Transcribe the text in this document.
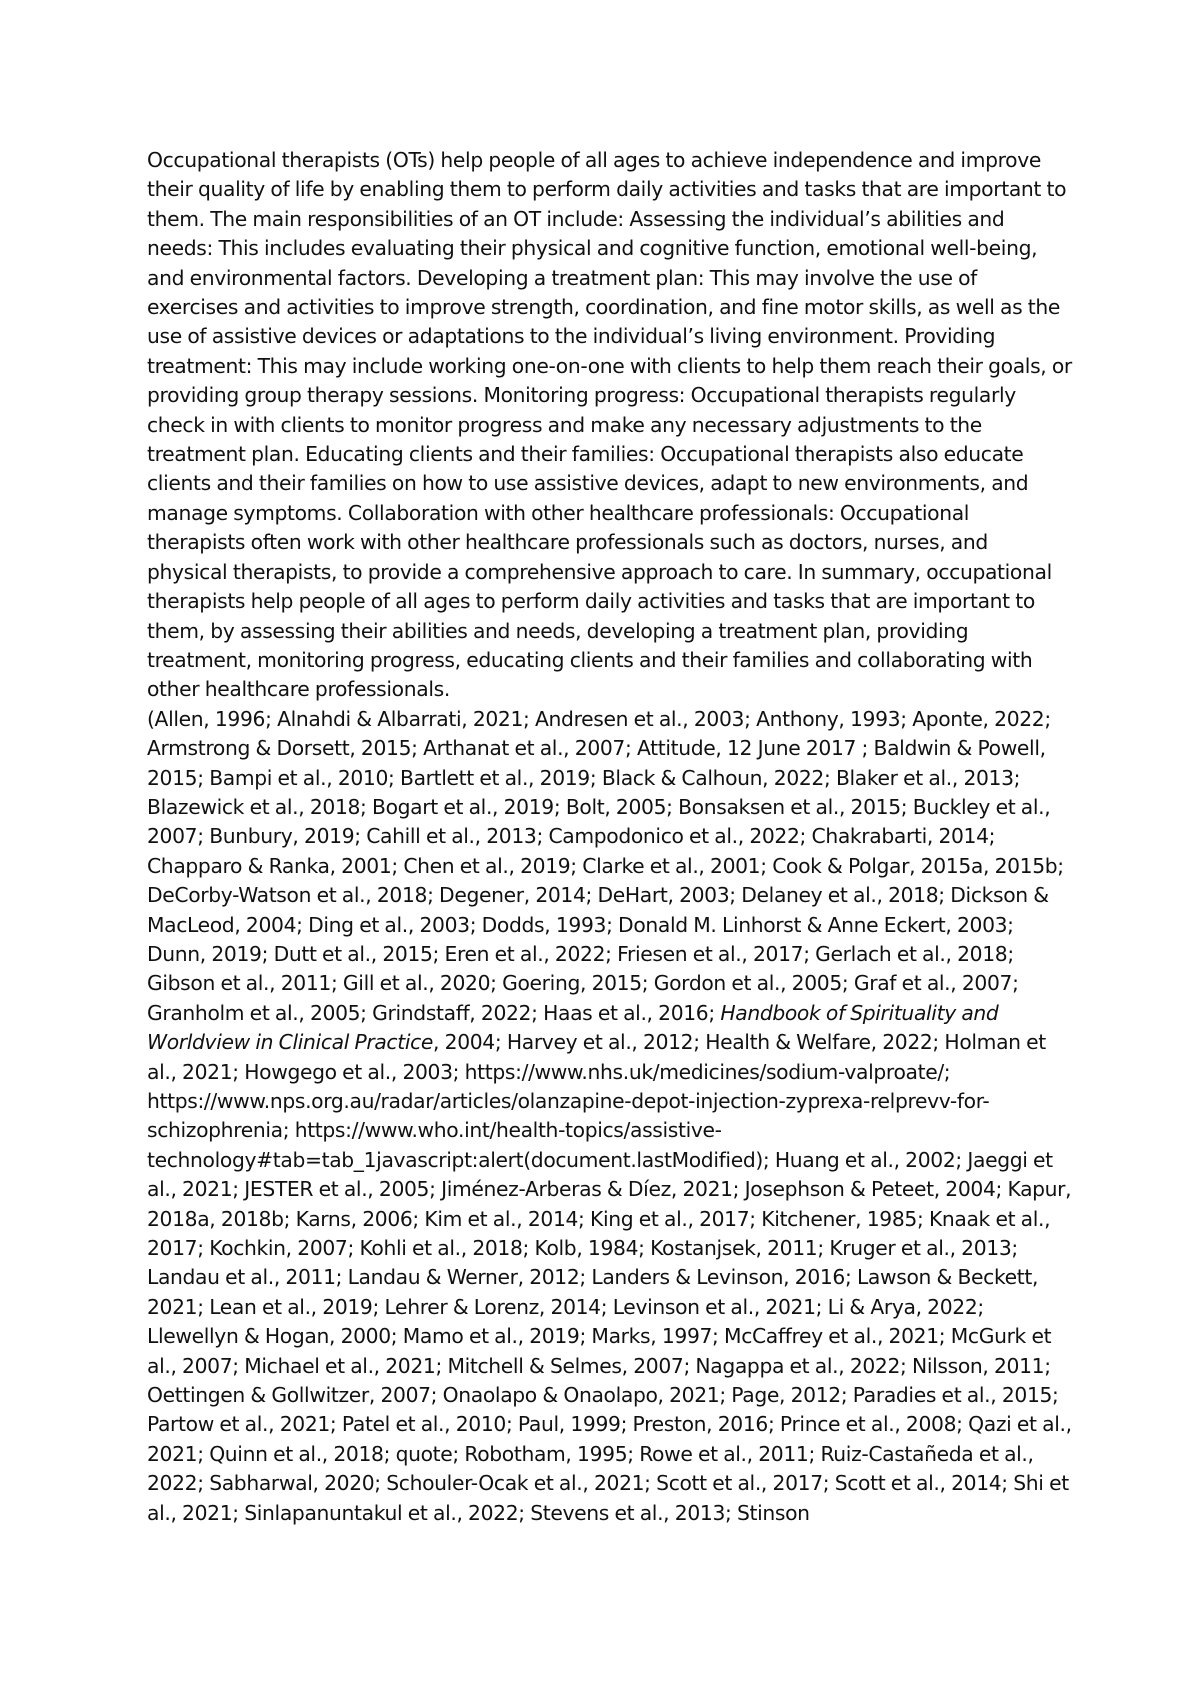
Occupational therapists (OTs) help people of all ages to achieve independence and improve their quality of life by enabling them to perform daily activities and tasks that are important to them. The main responsibilities of an OT include: Assessing the individual’s abilities and needs: This includes evaluating their physical and cognitive function, emotional well-being, and environmental factors. Developing a treatment plan: This may involve the use of exercises and activities to improve strength, coordination, and fine motor skills, as well as the use of assistive devices or adaptations to the individual’s living environment. Providing treatment: This may include working one-on-one with clients to help them reach their goals, or providing group therapy sessions. Monitoring progress: Occupational therapists regularly check in with clients to monitor progress and make any necessary adjustments to the treatment plan. Educating clients and their families: Occupational therapists also educate clients and their families on how to use assistive devices, adapt to new environments, and manage symptoms. Collaboration with other healthcare professionals: Occupational therapists often work with other healthcare professionals such as doctors, nurses, and physical therapists, to provide a comprehensive approach to care. In summary, occupational therapists help people of all ages to perform daily activities and tasks that are important to them, by assessing their abilities and needs, developing a treatment plan, providing treatment, monitoring progress, educating clients and their families and collaborating with other healthcare professionals.

(Allen, 1996; Alnahdi & Albarrati, 2021; Andresen et al., 2003; Anthony, 1993; Aponte, 2022; Armstrong & Dorsett, 2015; Arthanat et al., 2007; Attitude, 12 June 2017 ; Baldwin & Powell, 2015; Bampi et al., 2010; Bartlett et al., 2019; Black & Calhoun, 2022; Blaker et al., 2013; Blazewick et al., 2018; Bogart et al., 2019; Bolt, 2005; Bonsaksen et al., 2015; Buckley et al., 2007; Bunbury, 2019; Cahill et al., 2013; Campodonico et al., 2022; Chakrabarti, 2014; Chapparo & Ranka, 2001; Chen et al., 2019; Clarke et al., 2001; Cook & Polgar, 2015a, 2015b; DeCorby-Watson et al., 2018; Degener, 2014; DeHart, 2003; Delaney et al., 2018; Dickson & MacLeod, 2004; Ding et al., 2003; Dodds, 1993; Donald M. Linhorst & Anne Eckert, 2003; Dunn, 2019; Dutt et al., 2015; Eren et al., 2022; Friesen et al., 2017; Gerlach et al., 2018; Gibson et al., 2011; Gill et al., 2020; Goering, 2015; Gordon et al., 2005; Graf et al., 2007; Granholm et al., 2005; Grindstaff, 2022; Haas et al., 2016; Handbook of Spirituality and Worldview in Clinical Practice, 2004; Harvey et al., 2012; Health & Welfare, 2022; Holman et al., 2021; Howgego et al., 2003; https://www.nhs.uk/medicines/sodium-valproate/; https://www.nps.org.au/radar/articles/olanzapine-depot-injection-zyprexa-relprevv-for-schizophrenia; https://www.who.int/health-topics/assistive-technology#tab=tab_1javascript:alert(document.lastModified); Huang et al., 2002; Jaeggi et al., 2021; JESTER et al., 2005; Jiménez-Arberas & Díez, 2021; Josephson & Peteet, 2004; Kapur, 2018a, 2018b; Karns, 2006; Kim et al., 2014; King et al., 2017; Kitchener, 1985; Knaak et al., 2017; Kochkin, 2007; Kohli et al., 2018; Kolb, 1984; Kostanjsek, 2011; Kruger et al., 2013; Landau et al., 2011; Landau & Werner, 2012; Landers & Levinson, 2016; Lawson & Beckett, 2021; Lean et al., 2019; Lehrer & Lorenz, 2014; Levinson et al., 2021; Li & Arya, 2022; Llewellyn & Hogan, 2000; Mamo et al., 2019; Marks, 1997; McCaffrey et al., 2021; McGurk et al., 2007; Michael et al., 2021; Mitchell & Selmes, 2007; Nagappa et al., 2022; Nilsson, 2011; Oettingen & Gollwitzer, 2007; Onaolapo & Onaolapo, 2021; Page, 2012; Paradies et al., 2015; Partow et al., 2021; Patel et al., 2010; Paul, 1999; Preston, 2016; Prince et al., 2008; Qazi et al., 2021; Quinn et al., 2018; quote; Robotham, 1995; Rowe et al., 2011; Ruiz-Castañeda et al., 2022; Sabharwal, 2020; Schouler-Ocak et al., 2021; Scott et al., 2017; Scott et al., 2014; Shi et al., 2021; Sinlapanuntakul et al., 2022; Stevens et al., 2013; Stinson
